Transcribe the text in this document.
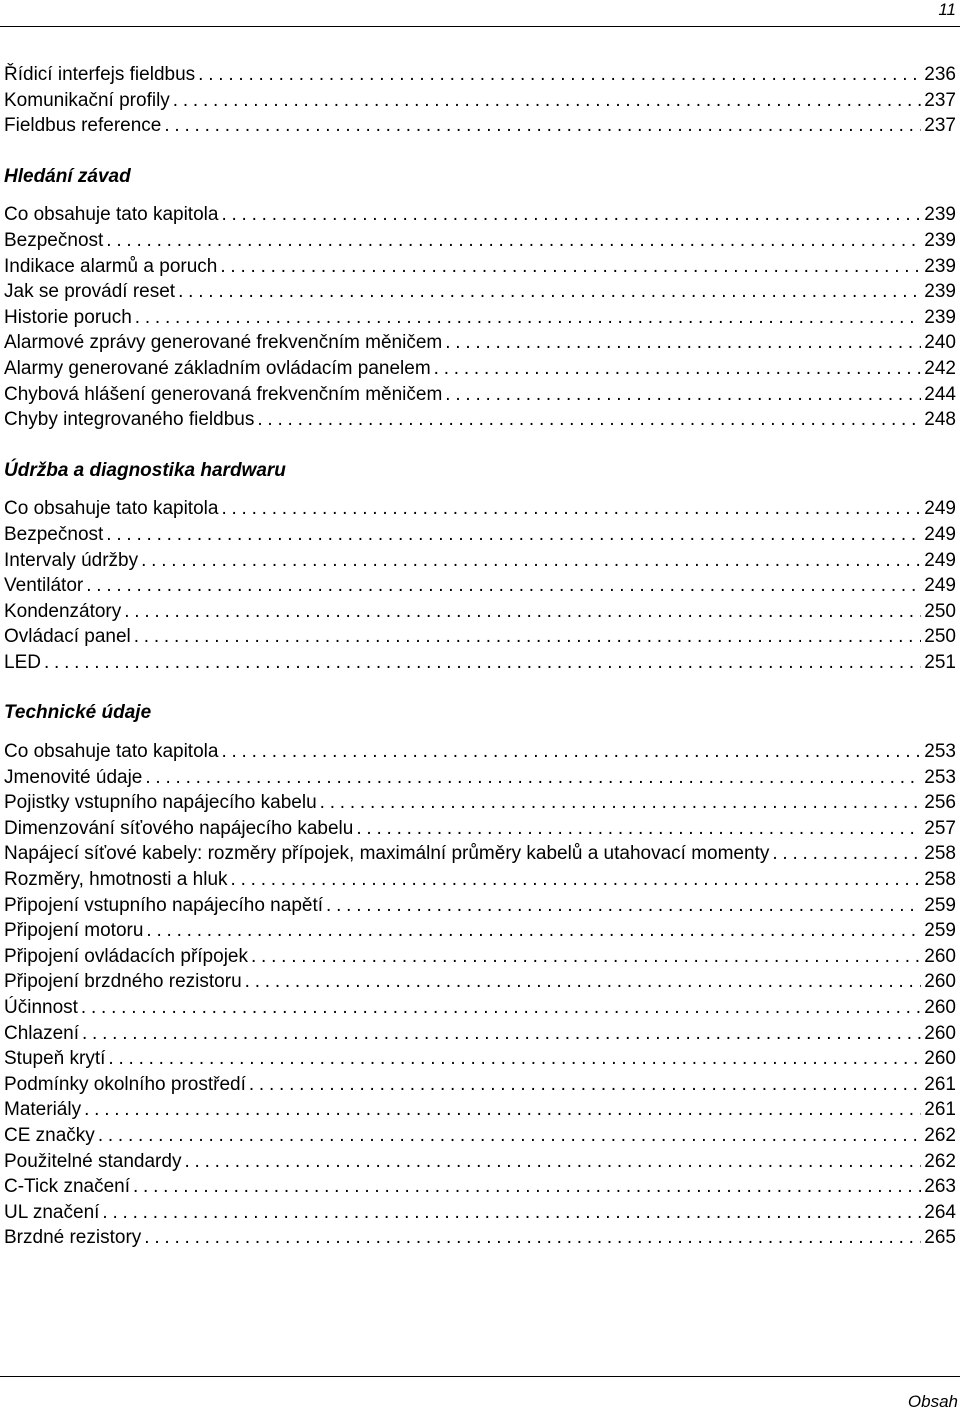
11
Řídicí interfejs fieldbus . . .	236
Komunikační profily . . .	237
Fieldbus reference . . .	237
Hledání závad
Co obsahuje tato kapitola . . .	239
Bezpečnost . . .	239
Indikace alarmů a poruch . . .	239
Jak se provádí reset . . .	239
Historie poruch . . .	239
Alarmové zprávy generované frekvenčním měničem . . .	240
Alarmy generované základním ovládacím panelem . . .	242
Chybová hlášení generovaná frekvenčním měničem . . .	244
Chyby integrovaného fieldbus . . .	248
Údržba a diagnostika hardwaru
Co obsahuje tato kapitola . . .	249
Bezpečnost . . .	249
Intervaly údržby . . .	249
Ventilátor . . .	249
Kondenzátory . . .	250
Ovládací panel . . .	250
LED . . .	251
Technické údaje
Co obsahuje tato kapitola . . .	253
Jmenovité údaje . . .	253
Pojistky vstupního napájecího kabelu . . .	256
Dimenzování síťového napájecího kabelu . . .	257
Napájecí síťové kabely: rozměry přípojek, maximální průměry kabelů a utahovací momenty . . .	258
Rozměry, hmotnosti a hluk . . .	258
Připojení vstupního napájecího napětí . . .	259
Připojení motoru . . .	259
Připojení ovládacích přípojek . . .	260
Připojení brzdného rezistoru . . .	260
Účinnost . . .	260
Chlazení . . .	260
Stupeň krytí . . .	260
Podmínky okolního prostředí . . .	261
Materiály . . .	261
CE značky . . .	262
Použitelné standardy . . .	262
C-Tick značení . . .	263
UL značení . . .	264
Brzdné rezistory . . .	265
Obsah
